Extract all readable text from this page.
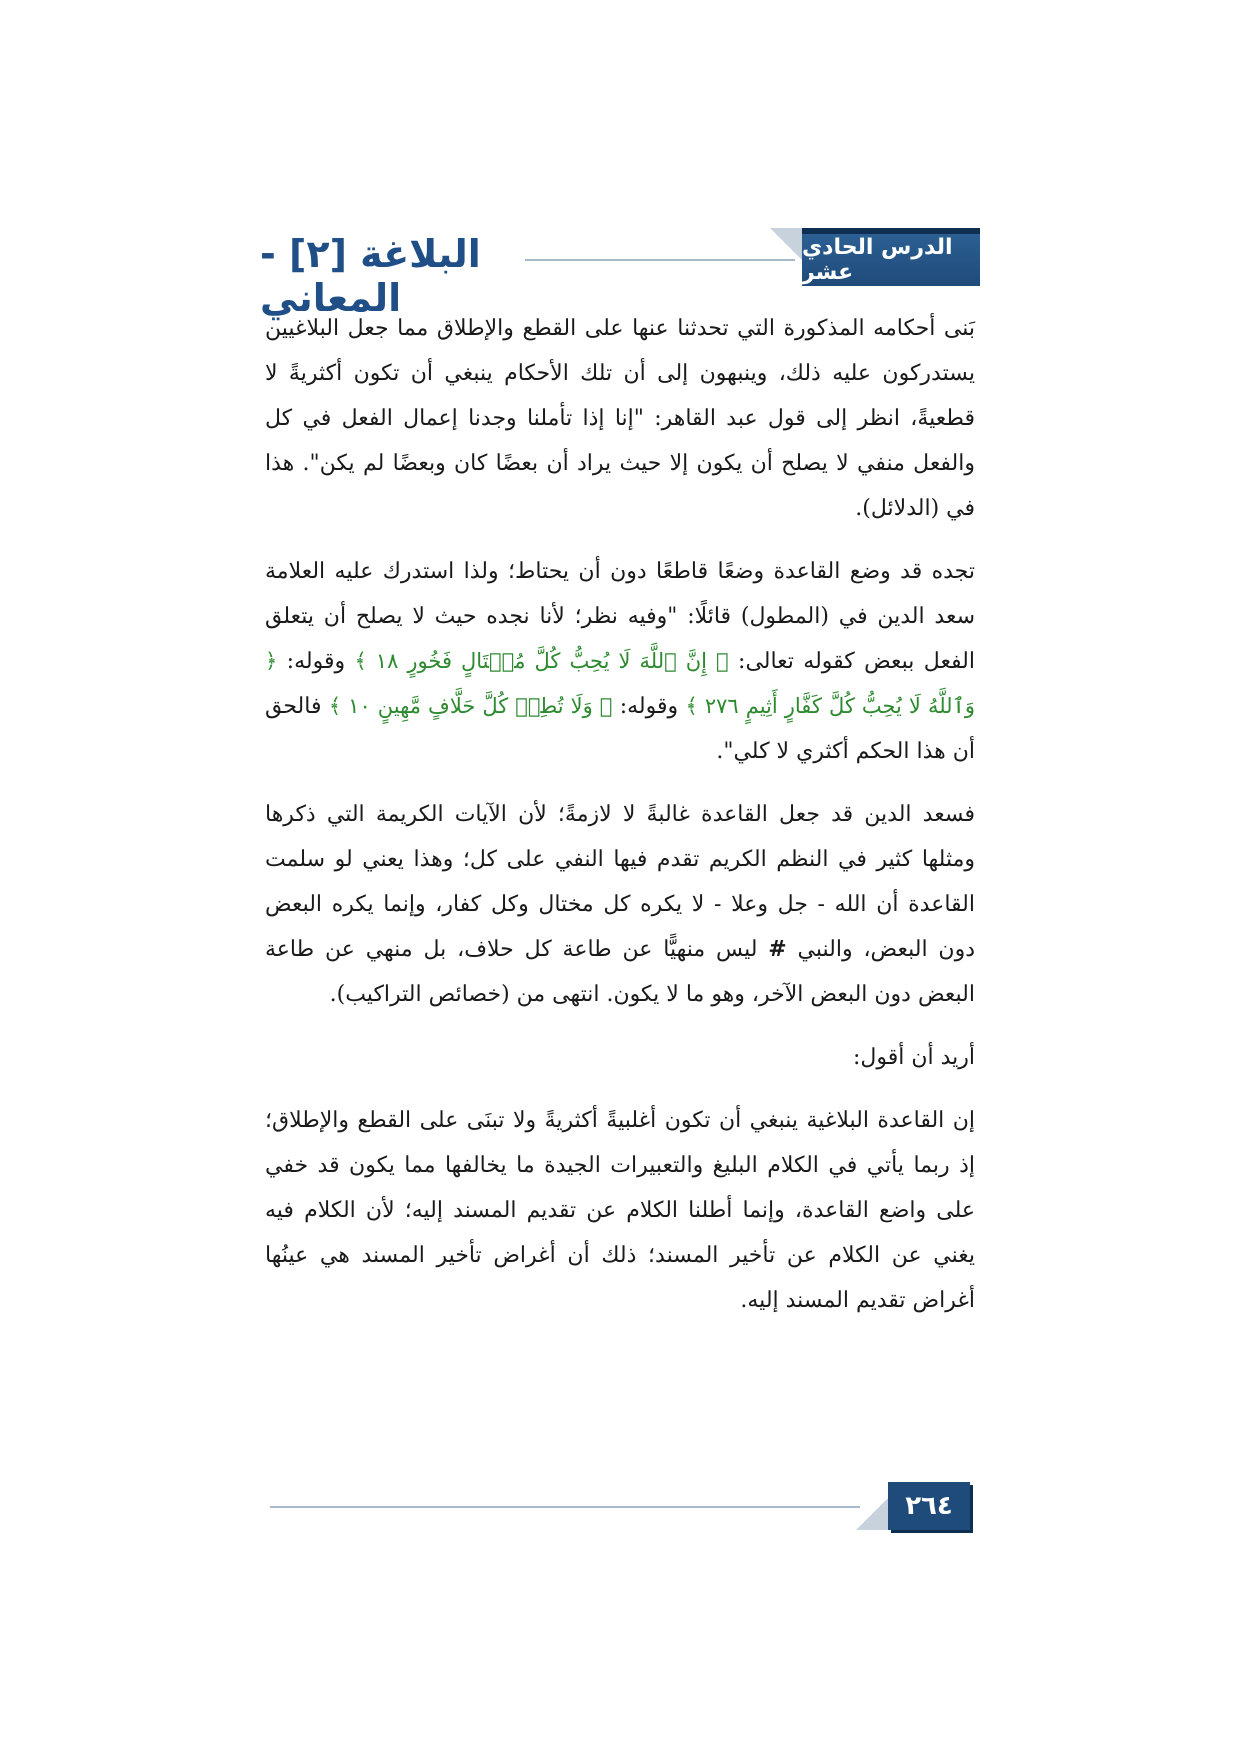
البلاغة [٢] - المعاني
الدرس الحادي عشر

بَنى أحكامه المذكورة التي تحدثنا عنها على القطع والإطلاق مما جعل البلاغيين يستدركون عليه ذلك، وينبهون إلى أن تلك الأحكام ينبغي أن تكون أكثريةً لا قطعيةً، انظر إلى قول عبد القاهر: "إنا إذا تأملنا وجدنا إعمال الفعل في كل والفعل منفي لا يصلح أن يكون إلا حيث يراد أن بعضًا كان وبعضًا لم يكن". هذا في (الدلائل).

تجده قد وضع القاعدة وضعًا قاطعًا دون أن يحتاط؛ ولذا استدرك عليه العلامة سعد الدين في (المطول) قائلًا: "وفيه نظر؛ لأنا نجده حيث لا يصلح أن يتعلق الفعل ببعض كقوله تعالى: ﴿ إِنَّ ٱللَّهَ لَا يُحِبُّ كُلَّ مُخۡتَالٍ فَخُورٍ ١٨ ﴾ وقوله: ﴿ وَٱللَّهُ لَا يُحِبُّ كُلَّ كَفَّارٍ أَثِيمٍ ٢٧٦ ﴾ وقوله: ﴿ وَلَا تُطِعۡ كُلَّ حَلَّافٍ مَّهِينٍ ١٠ ﴾ فالحق أن هذا الحكم أكثري لا كلي".

فسعد الدين قد جعل القاعدة غالبةً لا لازمةً؛ لأن الآيات الكريمة التي ذكرها ومثلها كثير في النظم الكريم تقدم فيها النفي على كل؛ وهذا يعني لو سلمت القاعدة أن الله - جل وعلا - لا يكره كل مختال وكل كفار، وإنما يكره البعض دون البعض، والنبي # ليس منهيًّا عن طاعة كل حلاف، بل منهي عن طاعة البعض دون البعض الآخر، وهو ما لا يكون. انتهى من (خصائص التراكيب).

أريد أن أقول:

إن القاعدة البلاغية ينبغي أن تكون أغلبيةً أكثريةً ولا تبنَى على القطع والإطلاق؛ إذ ربما يأتي في الكلام البليغ والتعبيرات الجيدة ما يخالفها مما يكون قد خفي على واضع القاعدة، وإنما أطلنا الكلام عن تقديم المسند إليه؛ لأن الكلام فيه يغني عن الكلام عن تأخير المسند؛ ذلك أن أغراض تأخير المسند هي عينُها أغراض تقديم المسند إليه.

٢٦٤
